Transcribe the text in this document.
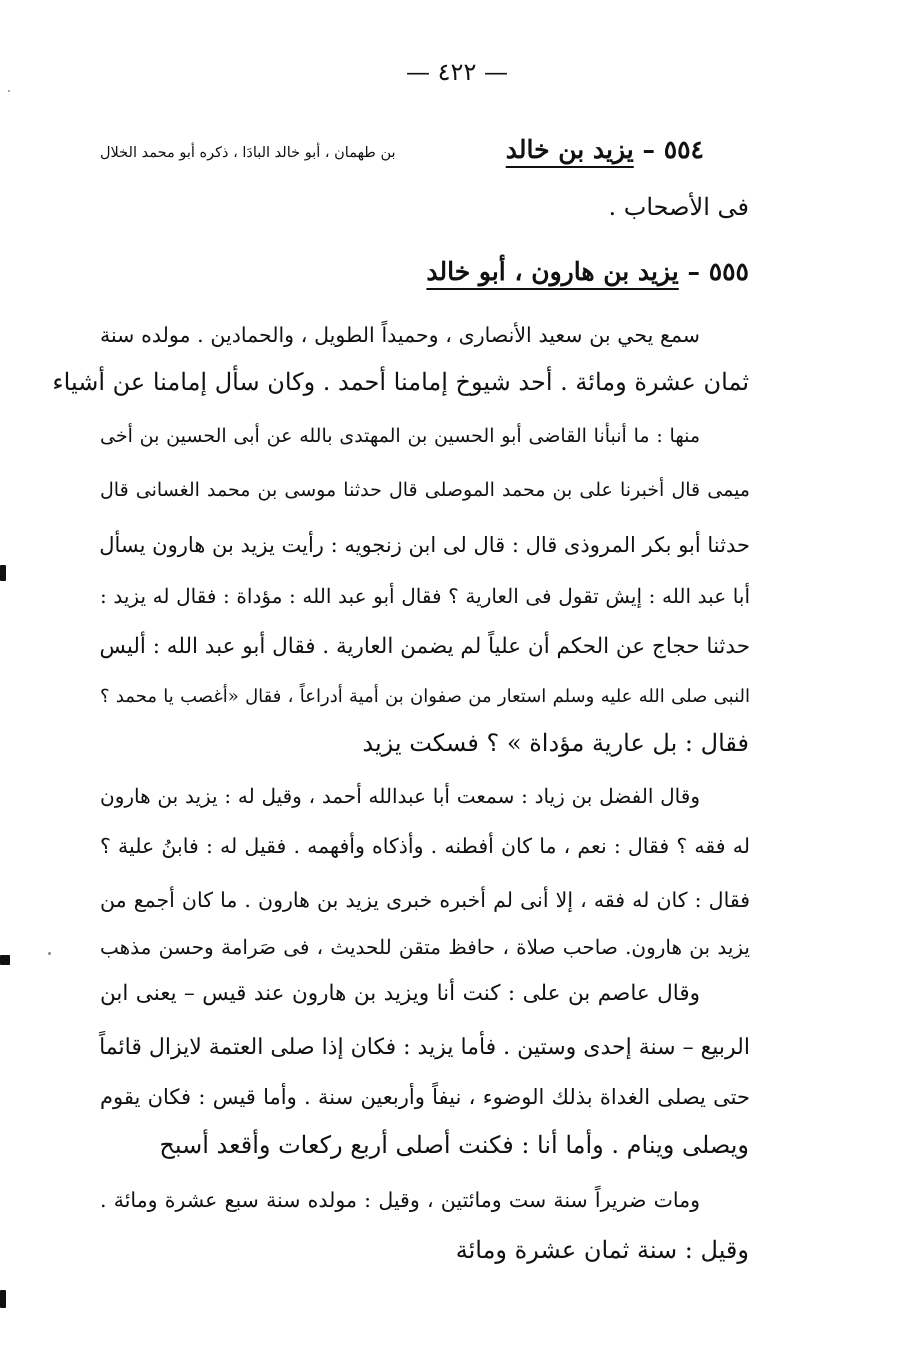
— ٤٢٢ —
٥٥٤ – يزيد بن خالد
بن طهمان ، أبو خالد البادَا ، ذكره أبو محمد الخلال
فى الأصحاب .
٥٥٥ – يزيد بن هارون ، أبو خالد
سمع يحي بن سعيد الأنصارى ، وحميداً الطويل ، والحمادين . مولده سنة
ثمان عشرة ومائة . أحد شيوخ إمامنا أحمد . وكان سأل إمامنا عن أشياء
منها : ما أنبأنا القاضى أبو الحسين بن المهتدى بالله عن أبى الحسين بن أخى
ميمى قال أخبرنا على بن محمد الموصلى قال حدثنا موسى بن محمد الغسانى قال
حدثنا أبو بكر المروذى قال : قال لى ابن زنجويه : رأيت يزيد بن هارون يسأل
أبا عبد الله : إيش تقول فى العارية ؟ فقال أبو عبد الله : مؤداة : فقال له يزيد :
حدثنا حجاج عن الحكم أن علياً لم يضمن العارية . فقال أبو عبد الله : أليس
النبى صلى الله عليه وسلم استعار من صفوان بن أمية أدراعاً ، فقال «أغصب يا محمد ؟
فقال : بل عارية مؤداة » ؟ فسكت يزيد
وقال الفضل بن زياد : سمعت أبا عبدالله أحمد ، وقيل له : يزيد بن هارون
له فقه ؟ فقال : نعم ، ما كان أفطنه . وأذكاه وأفهمه . فقيل له : فابنُ علية ؟
فقال : كان له فقه ، إلا أنى لم أخبره خبرى يزيد بن هارون . ما كان أجمع من
يزيد بن هارون. صاحب صلاة ، حافظ متقن للحديث ، فى صَرامة وحسن مذهب
وقال عاصم بن على : كنت أنا ويزيد بن هارون عند قيس – يعنى ابن
الربيع – سنة إحدى وستين . فأما يزيد : فكان إذا صلى العتمة لايزال قائماً
حتى يصلى الغداة بذلك الوضوء ، نيفاً وأربعين سنة . وأما قيس : فكان يقوم
ويصلى وينام . وأما أنا : فكنت أصلى أربع ركعات وأقعد أسبح
ومات ضريراً سنة ست ومائتين ، وقيل : مولده سنة سبع عشرة ومائة .
وقيل : سنة ثمان عشرة ومائة
